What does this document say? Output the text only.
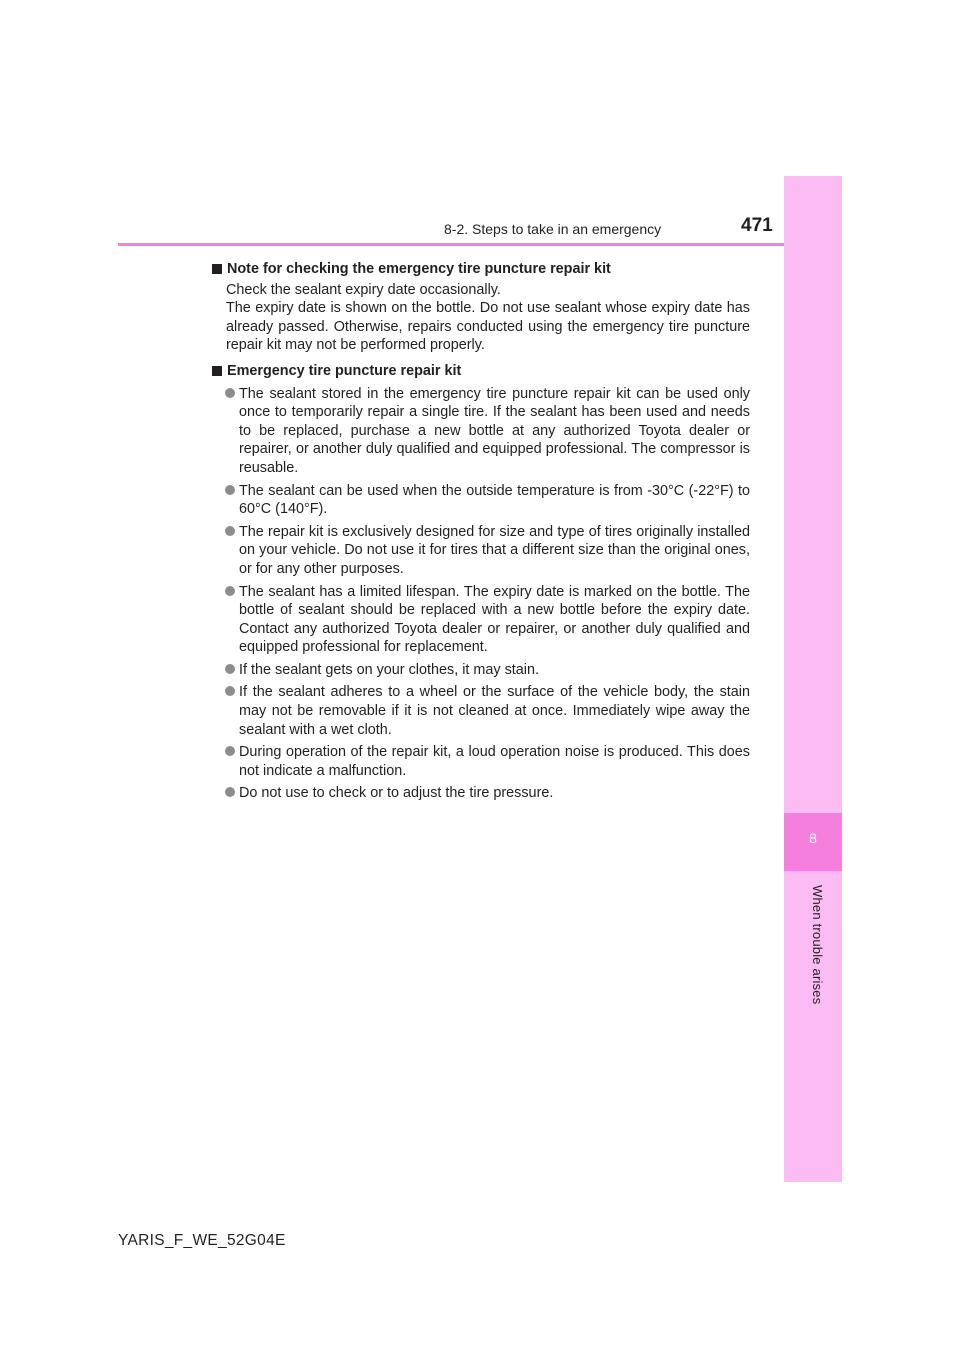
8
When trouble arises
8-2. Steps to take in an emergency	471
Note for checking the emergency tire puncture repair kit

Check the sealant expiry date occasionally.

The expiry date is shown on the bottle. Do not use sealant whose expiry date has already passed. Otherwise, repairs conducted using the emergency tire puncture repair kit may not be performed properly.

Emergency tire puncture repair kit
The sealant stored in the emergency tire puncture repair kit can be used only once to temporarily repair a single tire. If the sealant has been used and needs to be replaced, purchase a new bottle at any authorized Toyota dealer or repairer, or another duly qualified and equipped professional. The compressor is reusable.
The sealant can be used when the outside temperature is from -30°C (-22°F) to 60°C (140°F).
The repair kit is exclusively designed for size and type of tires originally installed on your vehicle. Do not use it for tires that a different size than the original ones, or for any other purposes.
The sealant has a limited lifespan. The expiry date is marked on the bottle. The bottle of sealant should be replaced with a new bottle before the expiry date. Contact any authorized Toyota dealer or repairer, or another duly qualified and equipped professional for replacement.
If the sealant gets on your clothes, it may stain.
If the sealant adheres to a wheel or the surface of the vehicle body, the stain may not be removable if it is not cleaned at once. Immediately wipe away the sealant with a wet cloth.
During operation of the repair kit, a loud operation noise is produced. This does not indicate a malfunction.
Do not use to check or to adjust the tire pressure.
YARIS_F_WE_52G04E
